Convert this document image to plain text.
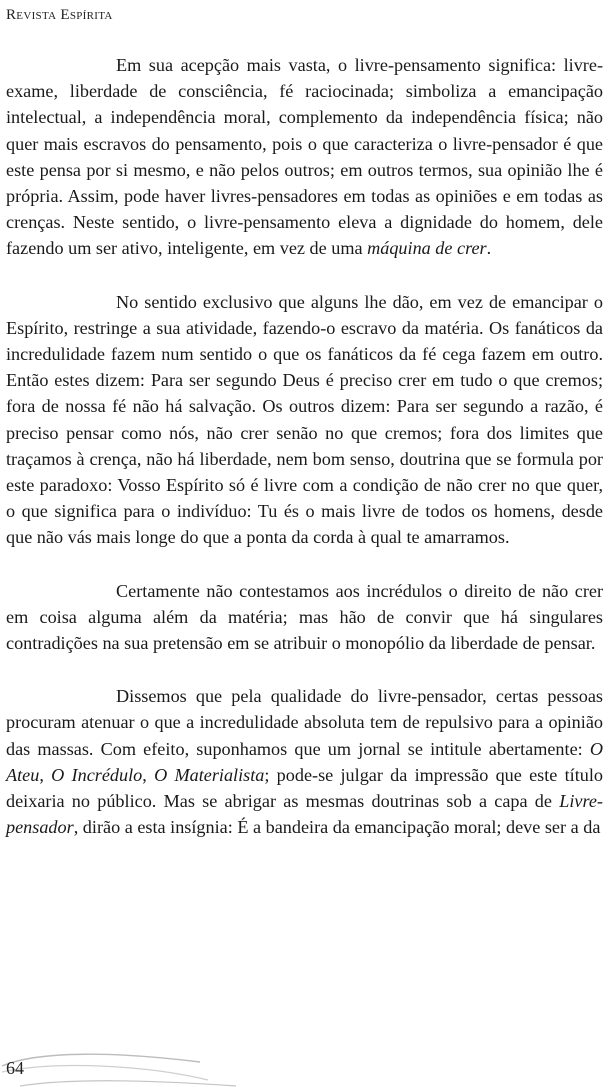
Revista Espírita

Em sua acepção mais vasta, o livre-pensamento significa: livre-exame, liberdade de consciência, fé raciocinada; simboliza a emancipação intelectual, a independência moral, complemento da independência física; não quer mais escravos do pensamento, pois o que caracteriza o livre-pensador é que este pensa por si mesmo, e não pelos outros; em outros termos, sua opinião lhe é própria. Assim, pode haver livres-pensadores em todas as opiniões e em todas as crenças. Neste sentido, o livre-pensamento eleva a dignidade do homem, dele fazendo um ser ativo, inteligente, em vez de uma máquina de crer.

No sentido exclusivo que alguns lhe dão, em vez de emancipar o Espírito, restringe a sua atividade, fazendo-o escravo da matéria. Os fanáticos da incredulidade fazem num sentido o que os fanáticos da fé cega fazem em outro. Então estes dizem: Para ser segundo Deus é preciso crer em tudo o que cremos; fora de nossa fé não há salvação. Os outros dizem: Para ser segundo a razão, é preciso pensar como nós, não crer senão no que cremos; fora dos limites que traçamos à crença, não há liberdade, nem bom senso, doutrina que se formula por este paradoxo: Vosso Espírito só é livre com a condição de não crer no que quer, o que significa para o indivíduo: Tu és o mais livre de todos os homens, desde que não vás mais longe do que a ponta da corda à qual te amarramos.

Certamente não contestamos aos incrédulos o direito de não crer em coisa alguma além da matéria; mas hão de convir que há singulares contradições na sua pretensão em se atribuir o monopólio da liberdade de pensar.

Dissemos que pela qualidade do livre-pensador, certas pessoas procuram atenuar o que a incredulidade absoluta tem de repulsivo para a opinião das massas. Com efeito, suponhamos que um jornal se intitule abertamente: O Ateu, O Incrédulo, O Materialista; pode-se julgar da impressão que este título deixaria no público. Mas se abrigar as mesmas doutrinas sob a capa de Livre-pensador, dirão a esta insígnia: É a bandeira da emancipação moral; deve ser a da

64
